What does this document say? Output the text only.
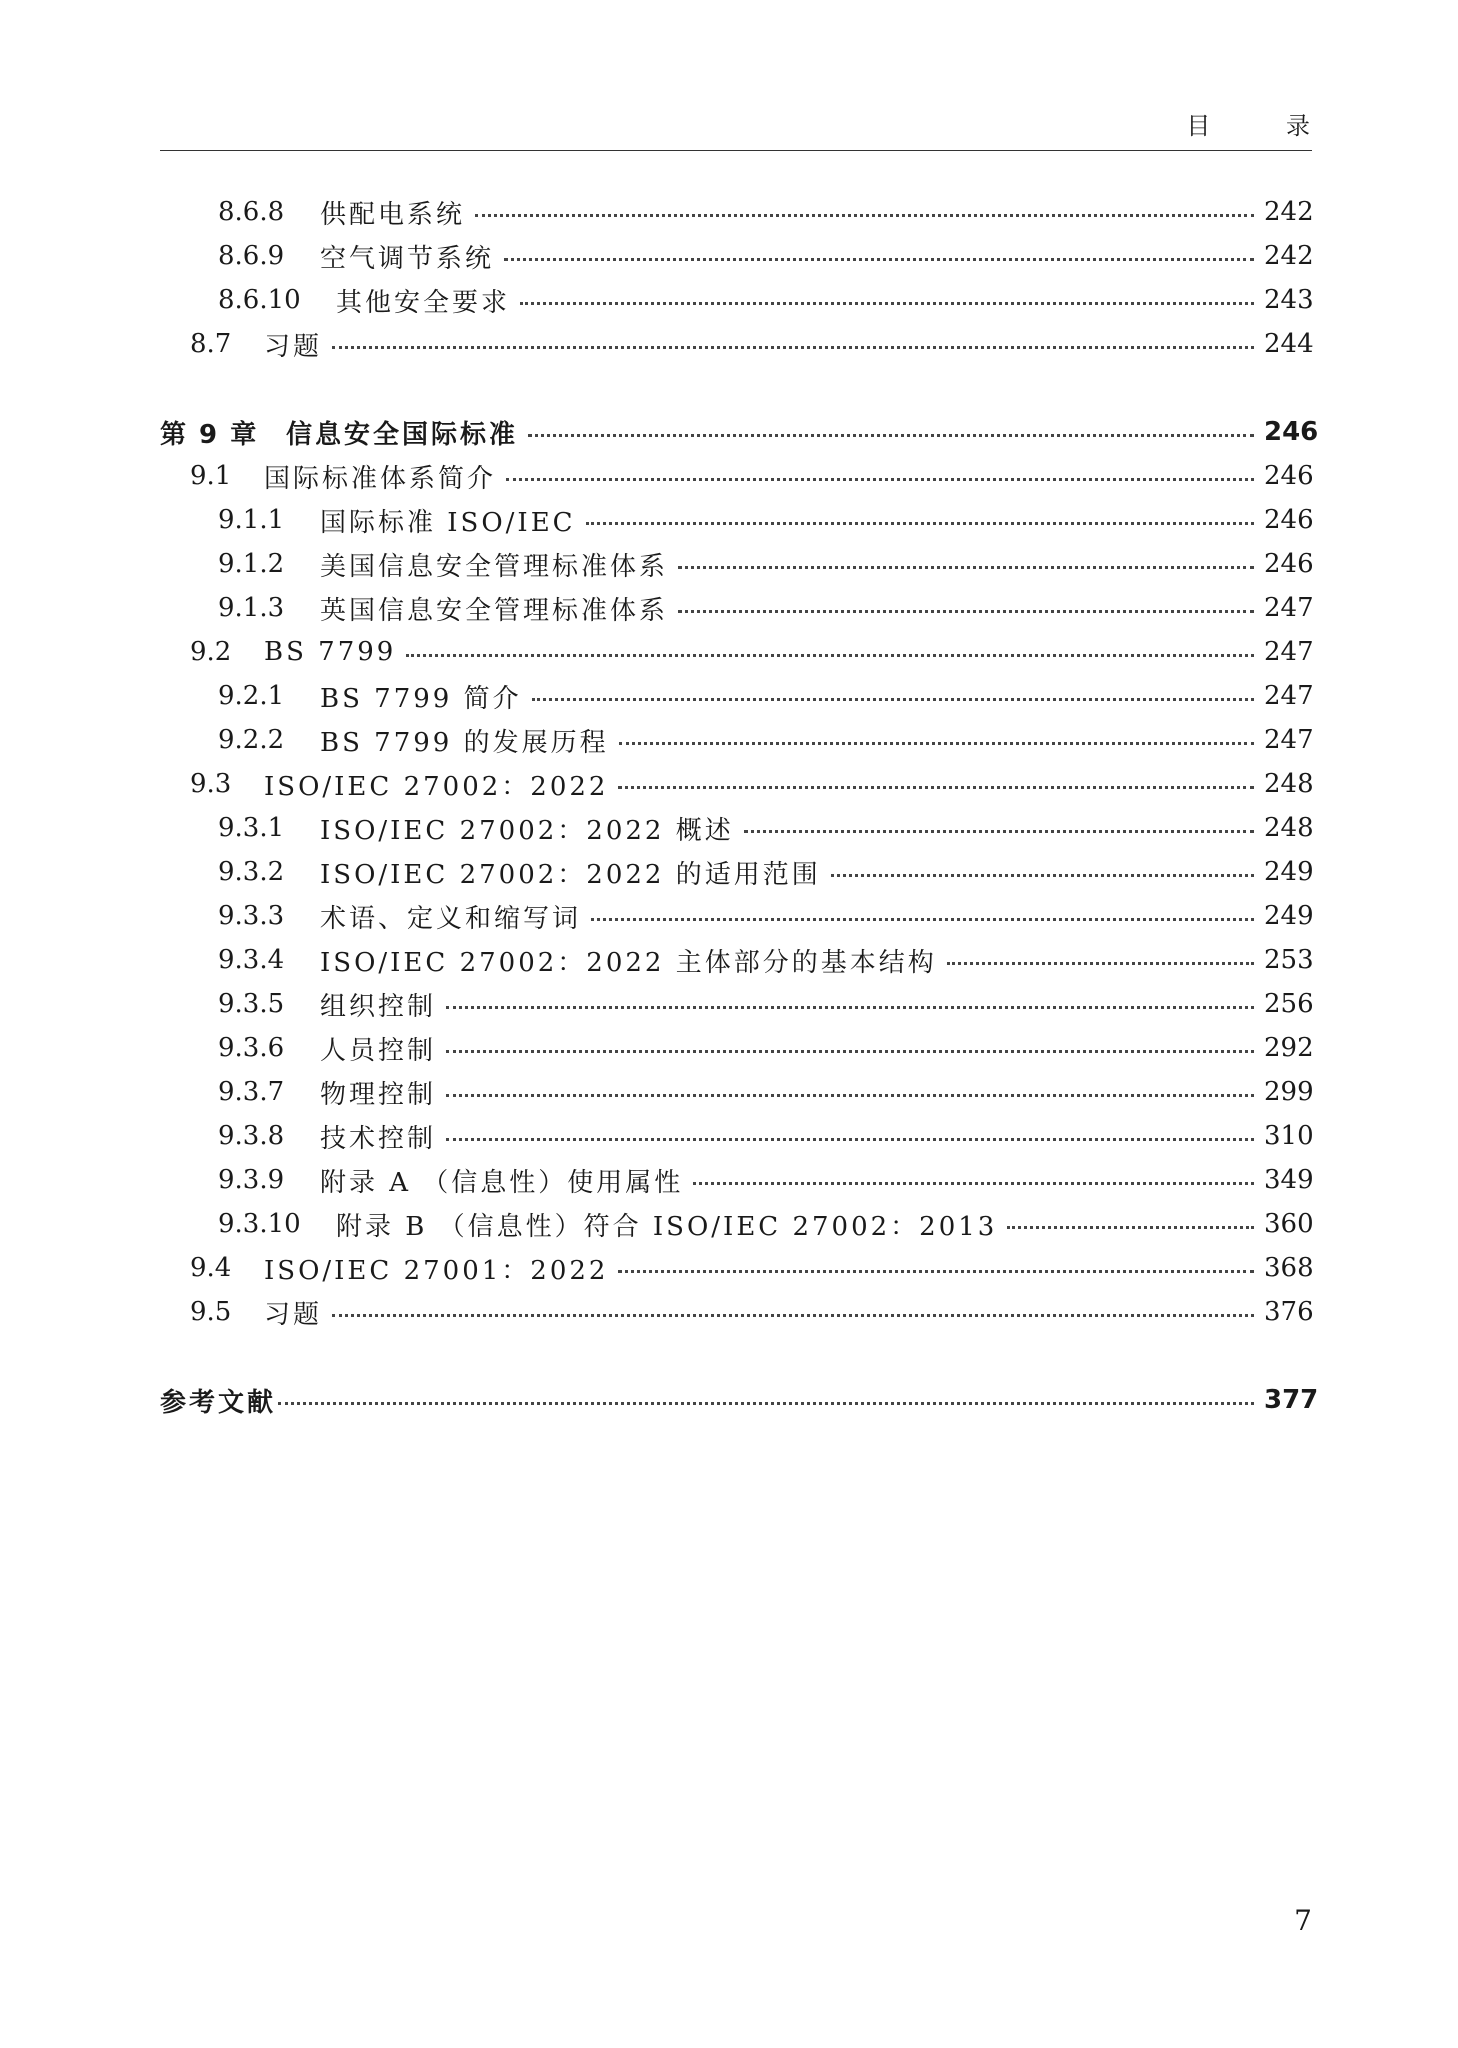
目 录
8.6.8	供配电系统	242
8.6.9	空气调节系统	242
8.6.10	其他安全要求	243
8.7	习题	244
第 9 章	信息安全国际标准	246
9.1	国际标准体系简介	246
9.1.1	国际标准 ISO/IEC	246
9.1.2	美国信息安全管理标准体系	246
9.1.3	英国信息安全管理标准体系	247
9.2	BS 7799	247
9.2.1	BS 7799 简介	247
9.2.2	BS 7799 的发展历程	247
9.3	ISO/IEC 27002：2022	248
9.3.1	ISO/IEC 27002：2022 概述	248
9.3.2	ISO/IEC 27002：2022 的适用范围	249
9.3.3	术语、定义和缩写词	249
9.3.4	ISO/IEC 27002：2022 主体部分的基本结构	253
9.3.5	组织控制	256
9.3.6	人员控制	292
9.3.7	物理控制	299
9.3.8	技术控制	310
9.3.9	附录 A （信息性）使用属性	349
9.3.10	附录 B （信息性）符合 ISO/IEC 27002：2013	360
9.4	ISO/IEC 27001：2022	368
9.5	习题	376
参考文献	377
7
